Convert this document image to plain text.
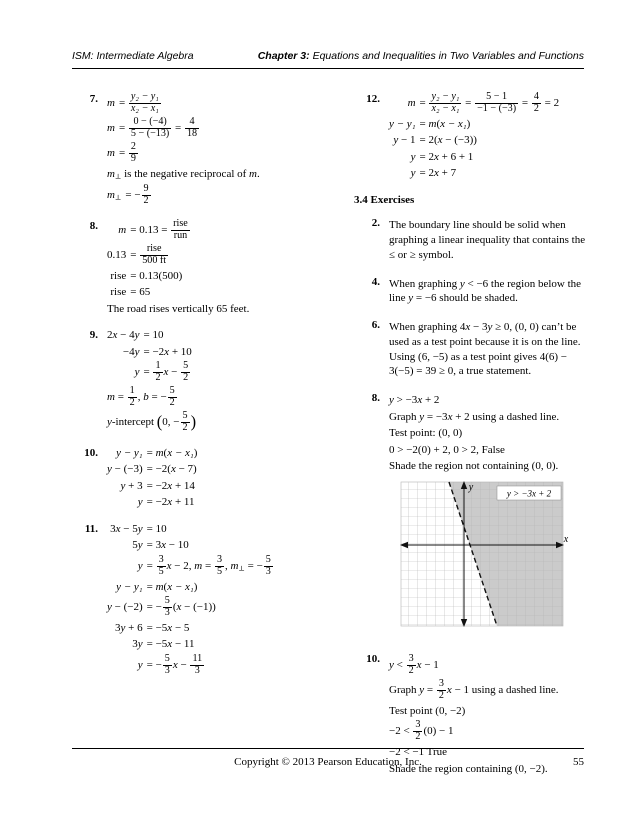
ISM: Intermediate Algebra	Chapter 3: Equations and Inequalities in Two Variables and Functions
7. $m = \frac{\text{y₂ − y₁}}{\text{x₂ − x₁}}$
$m = \frac{0 - (-4)}{5 - (-13)} = \frac{4}{18}$
$m = \frac{2}{9}$
m⊥ is the negative reciprocal of m.
m⊥ = − $\frac{9}{2}$
8.	$m = 0.13 = \frac{\text{rise}}{\text{run}}$
$0.13 = \frac{\text{rise}}{500 ft}$
rise = 0.13(500)
rise = 65
The road rises vertically 65 feet.
9. 2x − 4y = 10
−4y = −2x + 10
$y = \frac{1}{2}$ $x - \frac{5}{2}$
$m = \frac{1}{2}$ , b = − $\frac{5}{2}$
y-intercept (0, − $\frac{5}{2}$ )
10.	y − y₁ = m(x − x₁)
y − (−3) = −2(x − 7)
y + 3 = −2x + 14
y = −2x + 11
11. 3x − 5y = 10
5y = 3x − 10
$y = \frac{3}{5}$ x − 2, $m = \frac{3}{5}$ , m⊥ = − $\frac{5}{3}$
y − y₁ = m(x − x₁)
y − (−2) = − $\frac{5}{3} (x - (-1))$
3y + 6 = −5x − 5
3y = −5x − 11
y = − $\frac{5}{3}$ $x - \frac{11}{3}$
12.	$m = \frac{\text{y₂ − y₁}}{\text{x₂ − x₁}} = \frac{5 - 1}{-1 - (-3)} = \frac{4}{2} = 2$
y − y₁ = m(x − x₁)
y − 1 = 2(x − (−3))
y = 2x + 6 + 1
y = 2x + 7
3.4 Exercises
2. The boundary line should be solid when graphing a linear inequality that contains the ≤ or ≥ symbol.
4. When graphing y < −6 the region below the line y = −6 should be shaded.
6. When graphing 4x − 3y ≥ 0, (0, 0) can’t be used as a test point because it is on the line. Using (6, −5) as a test point gives 4(6) − 3(−5) = 39 ≥ 0, a true statement.
8. y > −3x + 2
Graph y = −3x + 2 using a dashed line.
Test point: (0, 0)
0 > −2(0) + 2, 0 > 2, False
Shade the region not containing (0, 0).
y > −3x + 2
x
y
10. $y < \frac{3}{2}$ x − 1
Graph $y = \frac{3}{2}$ x − 1 using a dashed line.
Test point (0, −2)
$-2 < \frac{3}{2} (0) - 1$
−2 < −1 True
Shade the region containing (0, −2).
Copyright © 2013 Pearson Education, Inc.	55
